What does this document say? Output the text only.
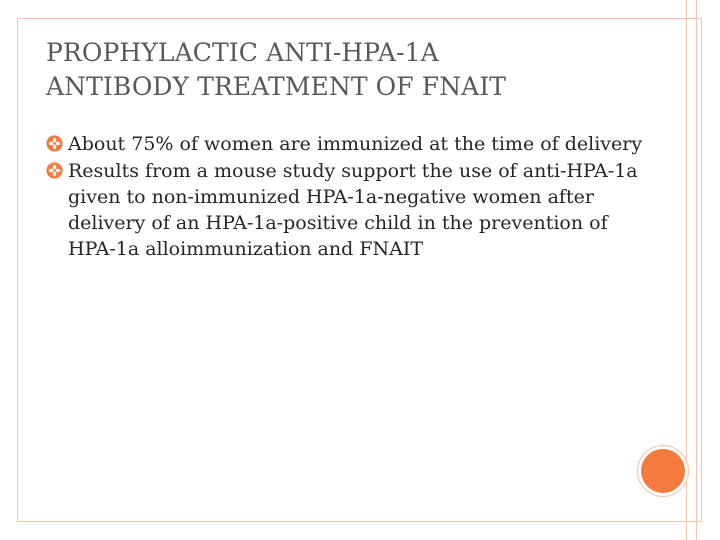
PROPHYLACTIC ANTI-HPA-1A
ANTIBODY TREATMENT OF FNAIT
About 75% of women are immunized at the time of delivery
Results from a mouse study support the use of anti-HPA-1a given to non-immunized HPA-1a-negative women after delivery of an HPA-1a-positive child in the prevention of HPA-1a alloimmunization and FNAIT
